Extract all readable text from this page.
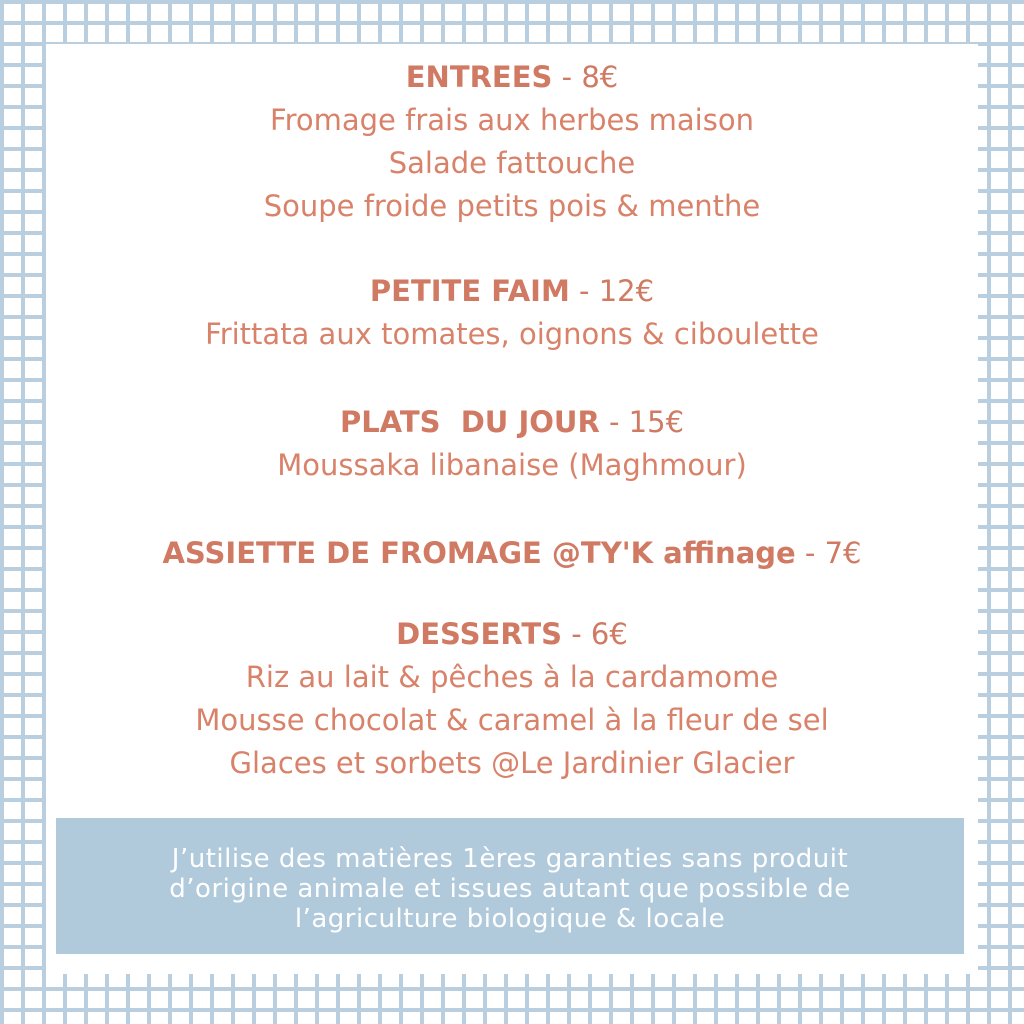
ENTREES - 8€
Fromage frais aux herbes maison
Salade fattouche
Soupe froide petits pois & menthe
PETITE FAIM - 12€
Frittata aux tomates, oignons & ciboulette
PLATS  DU JOUR - 15€
Moussaka libanaise (Maghmour)
ASSIETTE DE FROMAGE @TY'K affinage - 7€
DESSERTS - 6€
Riz au lait & pêches à la cardamome
Mousse chocolat & caramel à la fleur de sel
Glaces et sorbets @Le Jardinier Glacier
J’utilise des matières 1ères garanties sans produit
d’origine animale et issues autant que possible de
l’agriculture biologique & locale
